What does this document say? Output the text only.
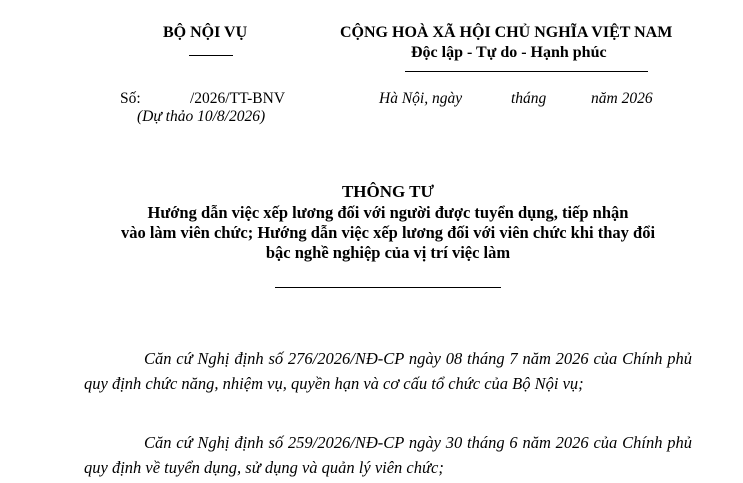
BỘ NỘI VỤ	CỘNG HOÀ XÃ HỘI CHỦ NGHĨA VIỆT NAM
Độc lập - Tự do - Hạnh phúc
Số:	/2026/TT-BNV
(Dự thảo 10/8/2026)
Hà Nội, ngày	tháng	năm 2026
THÔNG TƯ
Hướng dẫn việc xếp lương đối với người được tuyển dụng, tiếp nhận
vào làm viên chức; Hướng dẫn việc xếp lương đối với viên chức khi thay đổi
bậc nghề nghiệp của vị trí việc làm
Căn cứ Nghị định số 276/2026/NĐ-CP ngày 08 tháng 7 năm 2026 của Chính phủ quy định chức năng, nhiệm vụ, quyền hạn và cơ cấu tổ chức của Bộ Nội vụ;
Căn cứ Nghị định số 259/2026/NĐ-CP ngày 30 tháng 6 năm 2026 của Chính phủ quy định về tuyển dụng, sử dụng và quản lý viên chức;
